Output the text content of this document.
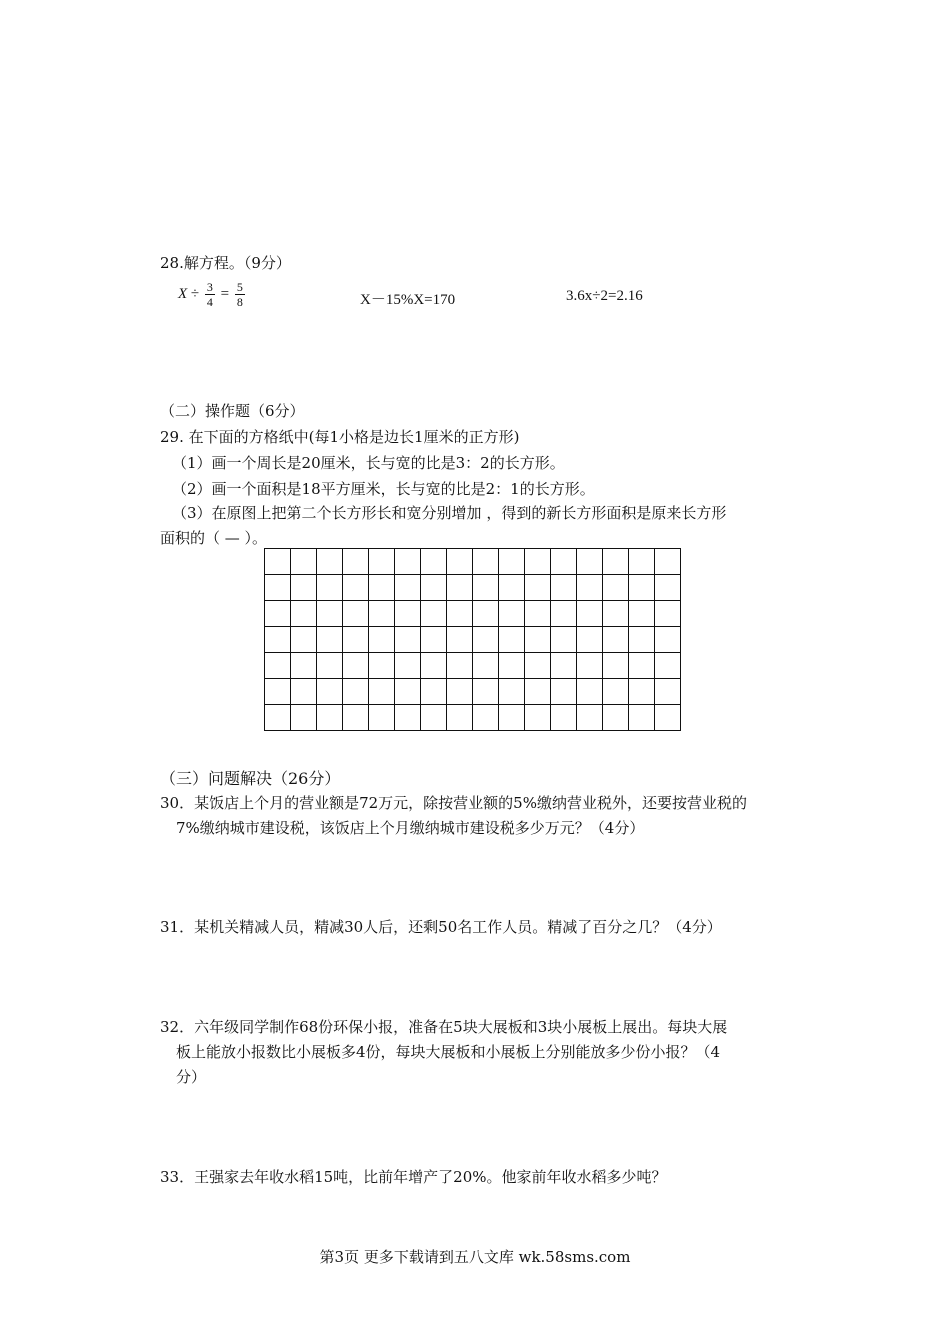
28.解方程。（9分）
$X \div \frac{3}{4} = \frac{5}{8}$	X－15%X=170	3.6x÷2=2.16
（二）操作题（6分）
29. 在下面的方格纸中(每1小格是边长1厘米的正方形)
（1）画一个周长是20厘米，长与宽的比是3：2的长方形。
（2）画一个面积是18平方厘米，长与宽的比是2：1的长方形。
（3）在原图上把第二个长方形长和宽分别增加 ，得到的新长方形面积是原来长方形
面积的（ — ）。

（三）问题解决（26分）
30．某饭店上个月的营业额是72万元，除按营业额的5%缴纳营业税外，还要按营业税的
7%缴纳城市建设税，该饭店上个月缴纳城市建设税多少万元？（4分）
31．某机关精减人员，精减30人后，还剩50名工作人员。精减了百分之几？（4分）
32．六年级同学制作68份环保小报，准备在5块大展板和3块小展板上展出。每块大展
板上能放小报数比小展板多4份，每块大展板和小展板上分别能放多少份小报？（4
分）
33．王强家去年收水稻15吨，比前年增产了20%。他家前年收水稻多少吨？
第3页 更多下载请到五八文库 wk.58sms.com
